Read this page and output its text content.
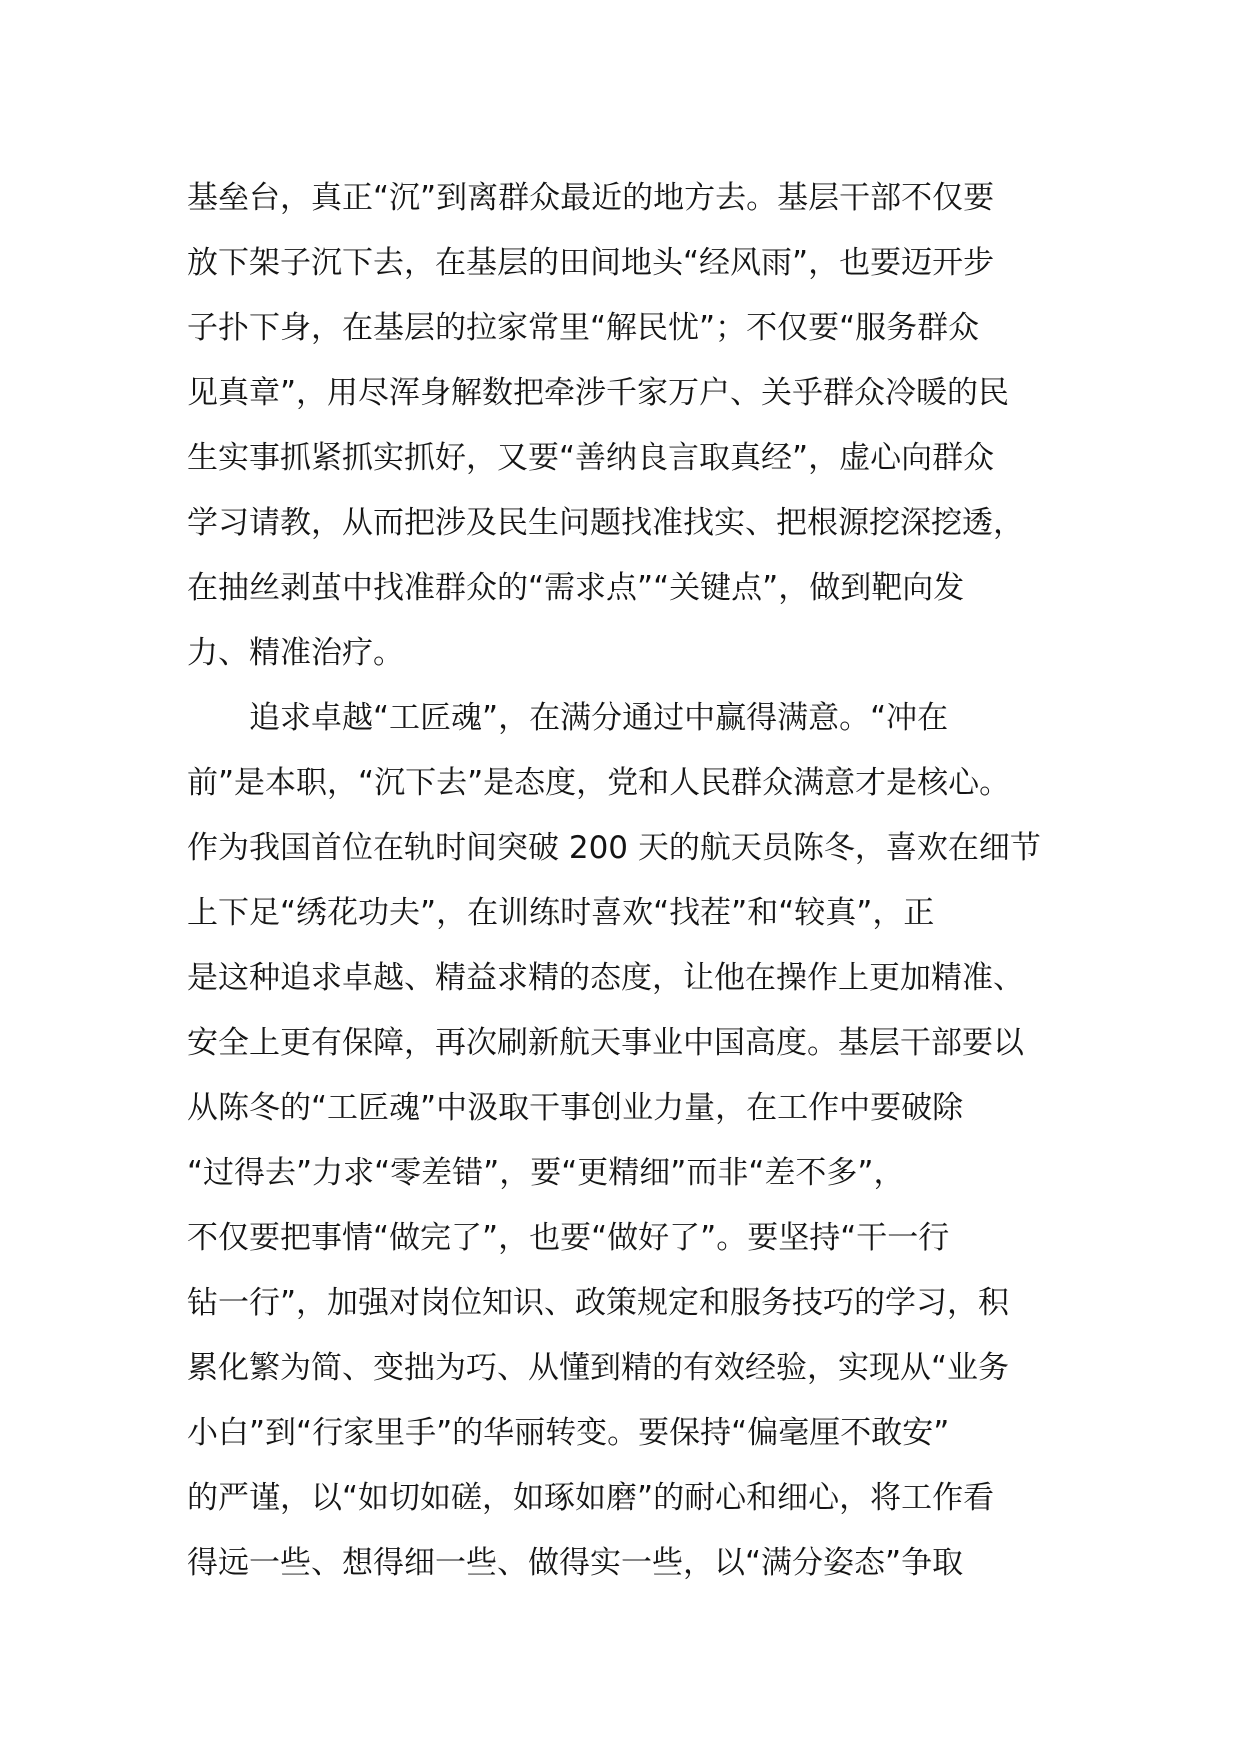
基垒台，真正“沉”到离群众最近的地方去。基层干部不仅要
放下架子沉下去，在基层的田间地头“经风雨”，也要迈开步
子扑下身，在基层的拉家常里“解民忧”；不仅要“服务群众
见真章”，用尽浑身解数把牵涉千家万户、关乎群众冷暖的民
生实事抓紧抓实抓好，又要“善纳良言取真经”，虚心向群众
学习请教，从而把涉及民生问题找准找实、把根源挖深挖透，
在抽丝剥茧中找准群众的“需求点”“关键点”，做到靶向发
力、精准治疗。
追求卓越“工匠魂”，在满分通过中赢得满意。“冲在
前”是本职，“沉下去”是态度，党和人民群众满意才是核心。
作为我国首位在轨时间突破 200 天的航天员陈冬，喜欢在细节
上下足“绣花功夫”，在训练时喜欢“找茬”和“较真”，正
是这种追求卓越、精益求精的态度，让他在操作上更加精准、
安全上更有保障，再次刷新航天事业中国高度。基层干部要以
从陈冬的“工匠魂”中汲取干事创业力量，在工作中要破除
“过得去”力求“零差错”，要“更精细”而非“差不多”，
不仅要把事情“做完了”，也要“做好了”。要坚持“干一行
钻一行”，加强对岗位知识、政策规定和服务技巧的学习，积
累化繁为简、变拙为巧、从懂到精的有效经验，实现从“业务
小白”到“行家里手”的华丽转变。要保持“偏毫厘不敢安”
的严谨，以“如切如磋，如琢如磨”的耐心和细心，将工作看
得远一些、想得细一些、做得实一些，以“满分姿态”争取
